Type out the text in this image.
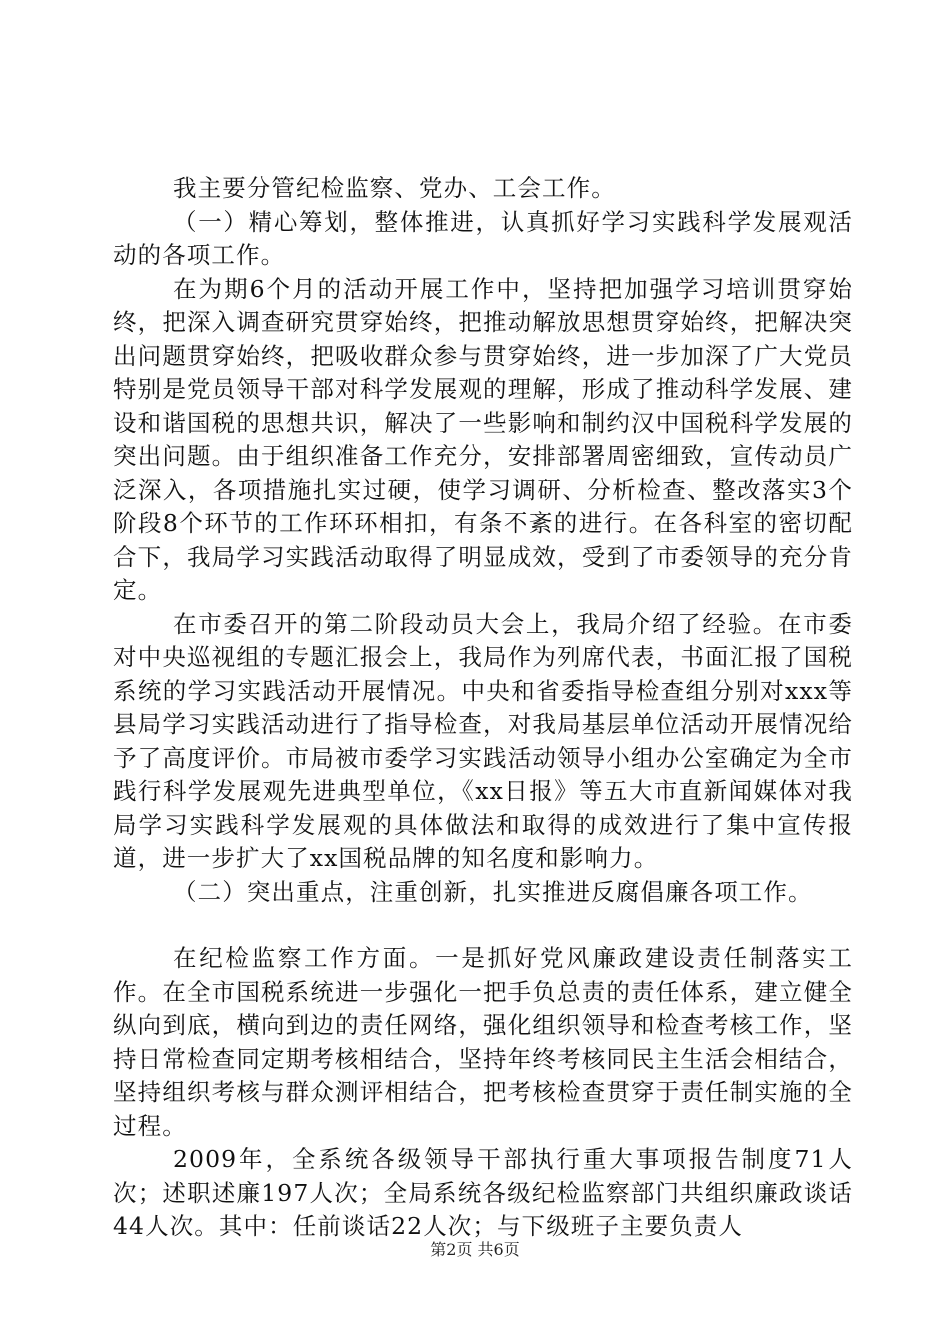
我主要分管纪检监察、党办、工会工作。

（一）精心筹划，整体推进，认真抓好学习实践科学发展观活动的各项工作。

在为期6个月的活动开展工作中，坚持把加强学习培训贯穿始终，把深入调查研究贯穿始终，把推动解放思想贯穿始终，把解决突出问题贯穿始终，把吸收群众参与贯穿始终，进一步加深了广大党员特别是党员领导干部对科学发展观的理解，形成了推动科学发展、建设和谐国税的思想共识，解决了一些影响和制约汉中国税科学发展的突出问题。由于组织准备工作充分，安排部署周密细致，宣传动员广泛深入，各项措施扎实过硬，使学习调研、分析检查、整改落实3个阶段8个环节的工作环环相扣，有条不紊的进行。在各科室的密切配合下，我局学习实践活动取得了明显成效，受到了市委领导的充分肯定。

在市委召开的第二阶段动员大会上，我局介绍了经验。在市委对中央巡视组的专题汇报会上，我局作为列席代表，书面汇报了国税系统的学习实践活动开展情况。中央和省委指导检查组分别对xxx等县局学习实践活动进行了指导检查，对我局基层单位活动开展情况给予了高度评价。市局被市委学习实践活动领导小组办公室确定为全市践行科学发展观先进典型单位，《xx日报》等五大市直新闻媒体对我局学习实践科学发展观的具体做法和取得的成效进行了集中宣传报道，进一步扩大了xx国税品牌的知名度和影响力。

（二）突出重点，注重创新，扎实推进反腐倡廉各项工作。

在纪检监察工作方面。一是抓好党风廉政建设责任制落实工作。在全市国税系统进一步强化一把手负总责的责任体系，建立健全纵向到底，横向到边的责任网络，强化组织领导和检查考核工作，坚持日常检查同定期考核相结合，坚持年终考核同民主生活会相结合，坚持组织考核与群众测评相结合，把考核检查贯穿于责任制实施的全过程。

2009年，全系统各级领导干部执行重大事项报告制度71人次；述职述廉197人次；全局系统各级纪检监察部门共组织廉政谈话44人次。其中：任前谈话22人次；与下级班子主要负责人

第2页 共6页
